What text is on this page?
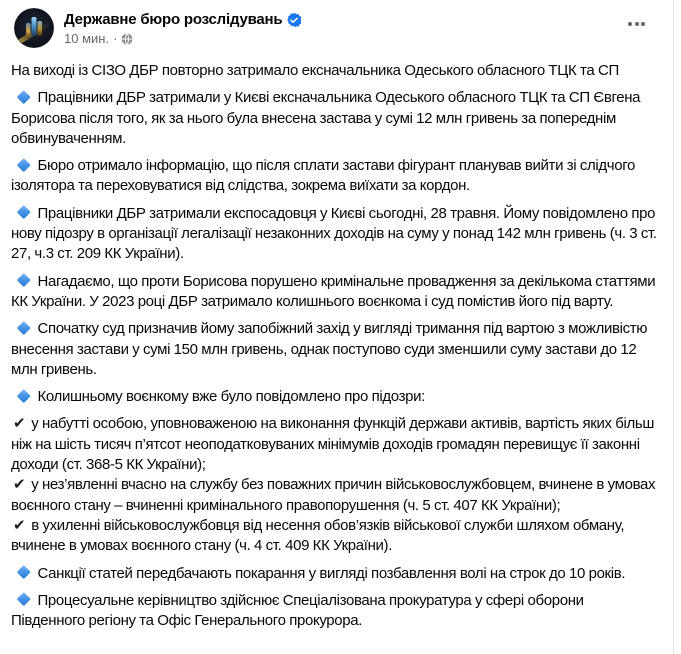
Державне бюро розслідувань
10 мин. ·
На виході із СІЗО ДБР повторно затримало ексначальника Одеського обласного ТЦК та СП
Працівники ДБР затримали у Києві ексначальника Одеського обласного ТЦК та СП Євгена Борисова після того, як за нього була внесена застава у сумі 12 млн гривень за попереднім обвинуваченням.
Бюро отримало інформацію, що після сплати застави фігурант планував вийти зі слідчого ізолятора та переховуватися від слідства, зокрема виїхати за кордон.
Працівники ДБР затримали експосадовця у Києві сьогодні, 28 травня. Йому повідомлено про нову підозру в організації легалізації незаконних доходів на суму у понад 142 млн гривень (ч. 3 ст. 27, ч.3 ст. 209 КК України).
Нагадаємо, що проти Борисова порушено кримінальне провадження за декількома статтями КК України. У 2023 році ДБР затримало колишнього воєнкома і суд помістив його під варту.
Спочатку суд призначив йому запобіжний захід у вигляді тримання під вартою з можливістю внесення застави у сумі 150 млн гривень, однак поступово суди зменшили суму застави до 12 млн гривень.
Колишньому воєнкому вже було повідомлено про підозри:
✔ у набутті особою, уповноваженою на виконання функцій держави активів, вартість яких більш ніж на шість тисяч п’ятсот неоподатковуваних мінімумів доходів громадян перевищує її законні доходи (ст. 368-5 КК України);
✔ у нез’явленні вчасно на службу без поважних причин військовослужбовцем, вчинене в умовах воєнного стану – вчиненні кримінального правопорушення (ч. 5 ст. 407 КК України);
✔ в ухиленні військовослужбовця від несення обов’язків військової служби шляхом обману, вчинене в умовах воєнного стану (ч. 4 ст. 409 КК України).
Санкції статей передбачають покарання у вигляді позбавлення волі на строк до 10 років.
Процесуальне керівництво здійснює Спеціалізована прокуратура у сфері оборони Південного регіону та Офіс Генерального прокурора.
